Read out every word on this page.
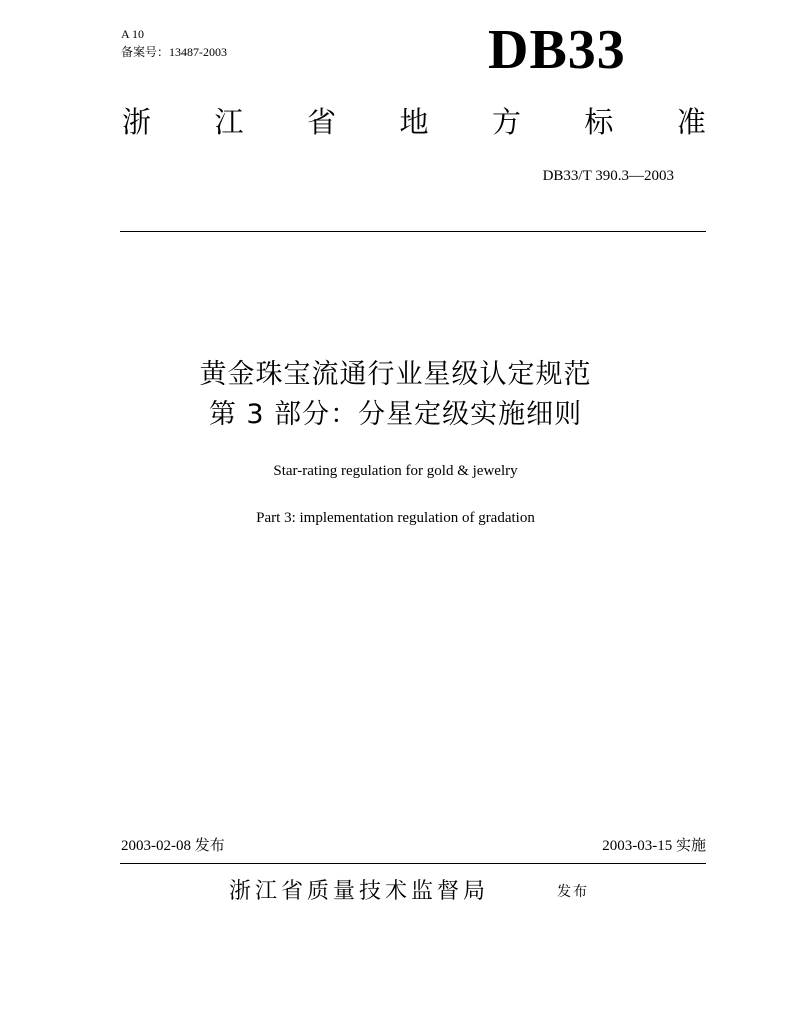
A 10
备案号：13487-2003	DB33
浙 江 省 地 方 标 准
DB33/T 390.3—2003
黄金珠宝流通行业星级认定规范
第 3 部分：分星定级实施细则
Star-rating regulation for gold & jewelry
Part 3: implementation regulation of gradation
2003-02-08 发布	2003-03-15 实施
浙江省质量技术监督局	发布
